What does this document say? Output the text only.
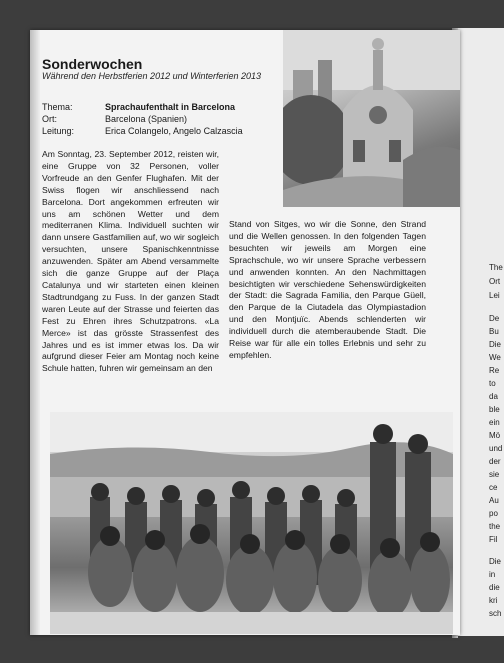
Sonderwochen
Während den Herbstferien 2012 und Winterferien 2013
Thema:	Sprachaufenthalt in Barcelona
Ort:	Barcelona (Spanien)
Leitung:	Erica Colangelo, Angelo Calzascia
Am Sonntag, 23. September 2012, reisten wir, eine Gruppe von 32 Personen, voller Vorfreude an den Genfer Flughafen. Mit der Swiss flogen wir anschliessend nach Barcelona. Dort angekommen erfreuten wir uns am schönen Wetter und dem mediterranen Klima. Individuell suchten wir dann unsere Gastfamilien auf, wo wir sogleich versuchten, unsere Spanischkenntnisse anzuwenden. Später am Abend versammelte sich die ganze Gruppe auf der Plaça Catalunya und wir starteten einen kleinen Stadtrundgang zu Fuss. In der ganzen Stadt waren Leute auf der Strasse und feierten das Fest zu Ehren ihres Schutzpatrons. «La Merce» ist das grösste Strassenfest des Jahres und es ist immer etwas los. Da wir aufgrund dieser Feier am Montag noch keine Schule hatten, fuhren wir gemeinsam an den
Stand von Sitges, wo wir die Sonne, den Strand und die Wellen genossen. In den folgenden Tagen besuchten wir jeweils am Morgen eine Sprachschule, wo wir unsere Sprache verbessern und anwenden konnten. An den Nachmittagen besichtigten wir verschiedene Sehenswürdigkeiten der Stadt: die Sagrada Familia, den Parque Güell, den Parque de la Ciutadela das Olympiastadion und den Montjuïc. Abends schlenderten wir individuell durch die atemberaubende Stadt. Die Reise war für alle ein tolles Erlebnis und sehr zu empfehlen.
The
Ort
Lei
De
Bu
Die
We
Re
to
da
ble
ein
Mö
und
der
sie
ce
Au
po
the
Fil
Die
in
die
kri
sch
